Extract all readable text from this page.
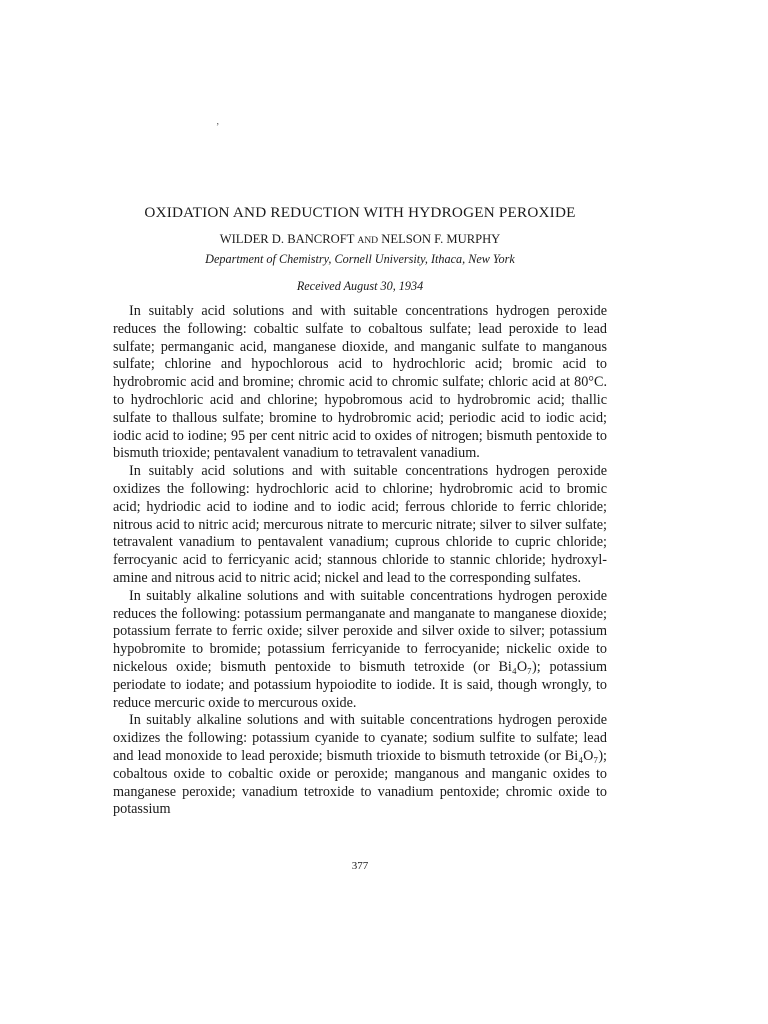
’
OXIDATION AND REDUCTION WITH HYDROGEN PEROXIDE
WILDER D. BANCROFT AND NELSON F. MURPHY
Department of Chemistry, Cornell University, Ithaca, New York
Received August 30, 1934

In suitably acid solutions and with suitable concentrations hydrogen peroxide reduces the following: cobaltic sulfate to cobaltous sulfate; lead peroxide to lead sulfate; permanganic acid, manganese dioxide, and manganic sulfate to manganous sulfate; chlorine and hypochlorous acid to hydrochloric acid; bromic acid to hydrobromic acid and bromine; chromic acid to chromic sulfate; chloric acid at 80°C. to hydrochloric acid and chlorine; hypobromous acid to hydrobromic acid; thallic sulfate to thallous sulfate; bromine to hydrobromic acid; periodic acid to iodic acid; iodic acid to iodine; 95 per cent nitric acid to oxides of nitrogen; bismuth pentoxide to bismuth trioxide; pentavalent vanadium to tetravalent vanadium.

In suitably acid solutions and with suitable concentrations hydrogen peroxide oxidizes the following: hydrochloric acid to chlorine; hydrobromic acid to bromic acid; hydriodic acid to iodine and to iodic acid; ferrous chloride to ferric chloride; nitrous acid to nitric acid; mercurous nitrate to mercuric nitrate; silver to silver sulfate; tetravalent vanadium to pentavalent vanadium; cuprous chloride to cupric chloride; ferrocyanic acid to ferricyanic acid; stannous chloride to stannic chloride; hydroxylamine and nitrous acid to nitric acid; nickel and lead to the corresponding sulfates.

In suitably alkaline solutions and with suitable concentrations hydrogen peroxide reduces the following: potassium permanganate and manganate to manganese dioxide; potassium ferrate to ferric oxide; silver peroxide and silver oxide to silver; potassium hypobromite to bromide; potassium ferricyanide to ferrocyanide; nickelic oxide to nickelous oxide; bismuth pentoxide to bismuth tetroxide (or Bi₄O₇); potassium periodate to iodate; and potassium hypoiodite to iodide. It is said, though wrongly, to reduce mercuric oxide to mercurous oxide.

In suitably alkaline solutions and with suitable concentrations hydrogen peroxide oxidizes the following: potassium cyanide to cyanate; sodium sulfite to sulfate; lead and lead monoxide to lead peroxide; bismuth trioxide to bismuth tetroxide (or Bi₄O₇); cobaltous oxide to cobaltic oxide or peroxide; manganous and manganic oxides to manganese peroxide; vanadium tetroxide to vanadium pentoxide; chromic oxide to potassium

377
